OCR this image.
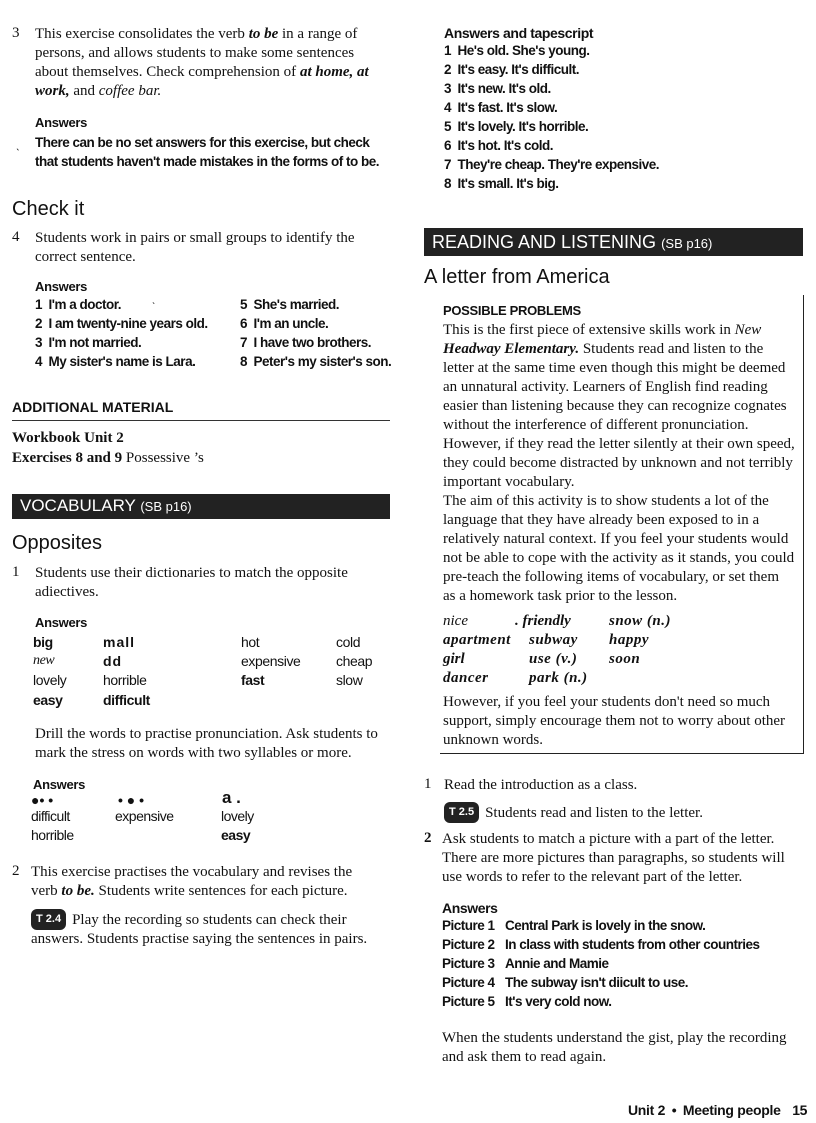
3 This exercise consolidates the verb to be in a range of persons, and allows students to make some sentences about themselves. Check comprehension of at home, at work, and coffee bar.
Answers
ˎ There can be no set answers for this exercise, but check that students haven't made mistakes in the forms of to be.
Check it
4 Students work in pairs or small groups to identify the correct sentence.
Answers
1 I'm a doctor.
2 I am twenty-nine years old.
3 I'm not married.
4 My sister's name is Lara.
5 She's married.
6 I'm an uncle.
7 I have two brothers.
8 Peter's my sister's son.
ˎ
ADDITIONAL MATERIAL
Workbook Unit 2
Exercises 8 and 9 Possessive ’s
VOCABULARY (SB p16)
Opposites
1 Students use their dictionaries to match the opposite adiectives.
Answers
big	mall	hot	cold
new	dd	expensive	cheap
lovely	horrible	fast	slow
easy	difficult
Drill the words to practise pronunciation. Ask students to mark the stress on words with two syllables or more.
Answers
●• •
difficult
horrible
• ● •
expensive
a .
lovely
easy
2 This exercise practises the vocabulary and revises the verb to be. Students write sentences for each picture.
T 2.4 Play the recording so students can check their answers. Students practise saying the sentences in pairs.
Answers and tapescript
1 He's old. She's young.
2 It's easy. It's difficult.
3 It's new. It's old.
4 It's fast. It's slow.
5 It's lovely. It's horrible.
6 It's hot. It's cold.
7 They're cheap. They're expensive.
8 It's small. It's big.
READING AND LISTENING (SB p16)
A letter from America
POSSIBLE PROBLEMS
This is the first piece of extensive skills work in New Headway Elementary. Students read and listen to the letter at the same time even though this might be deemed an unnatural activity. Learners of English find reading easier than listening because they can recognize cognates without the interference of different pronunciation. However, if they read the letter silently at their own speed, they could become distracted by unknown and not terribly important vocabulary.
The aim of this activity is to show students a lot of the language that they have already been exposed to in a relatively natural context. If you feel your students would not be able to cope with the activity as it stands, you could pre-teach the following items of vocabulary, or set them as a homework task prior to the lesson.
nice	. friendly	snow (n.)
apartment subway happy
girl	use (v.) soon
dancer	park (n.)
However, if you feel your students don't need so much support, simply encourage them not to worry about other unknown words.
1 Read the introduction as a class.
T 2.5 Students read and listen to the letter.
2 Ask students to match a picture with a part of the letter. There are more pictures than paragraphs, so students will use words to refer to the relevant part of the letter.
Answers
Picture 1 Central Park is lovely in the snow.
Picture 2 In class with students from other countries
Picture 3 Annie and Mamie
Picture 4 The subway isn't diicult to use.
Picture 5 It's very cold now.
When the students understand the gist, play the recording and ask them to read again.
Unit 2 • Meeting people 15
